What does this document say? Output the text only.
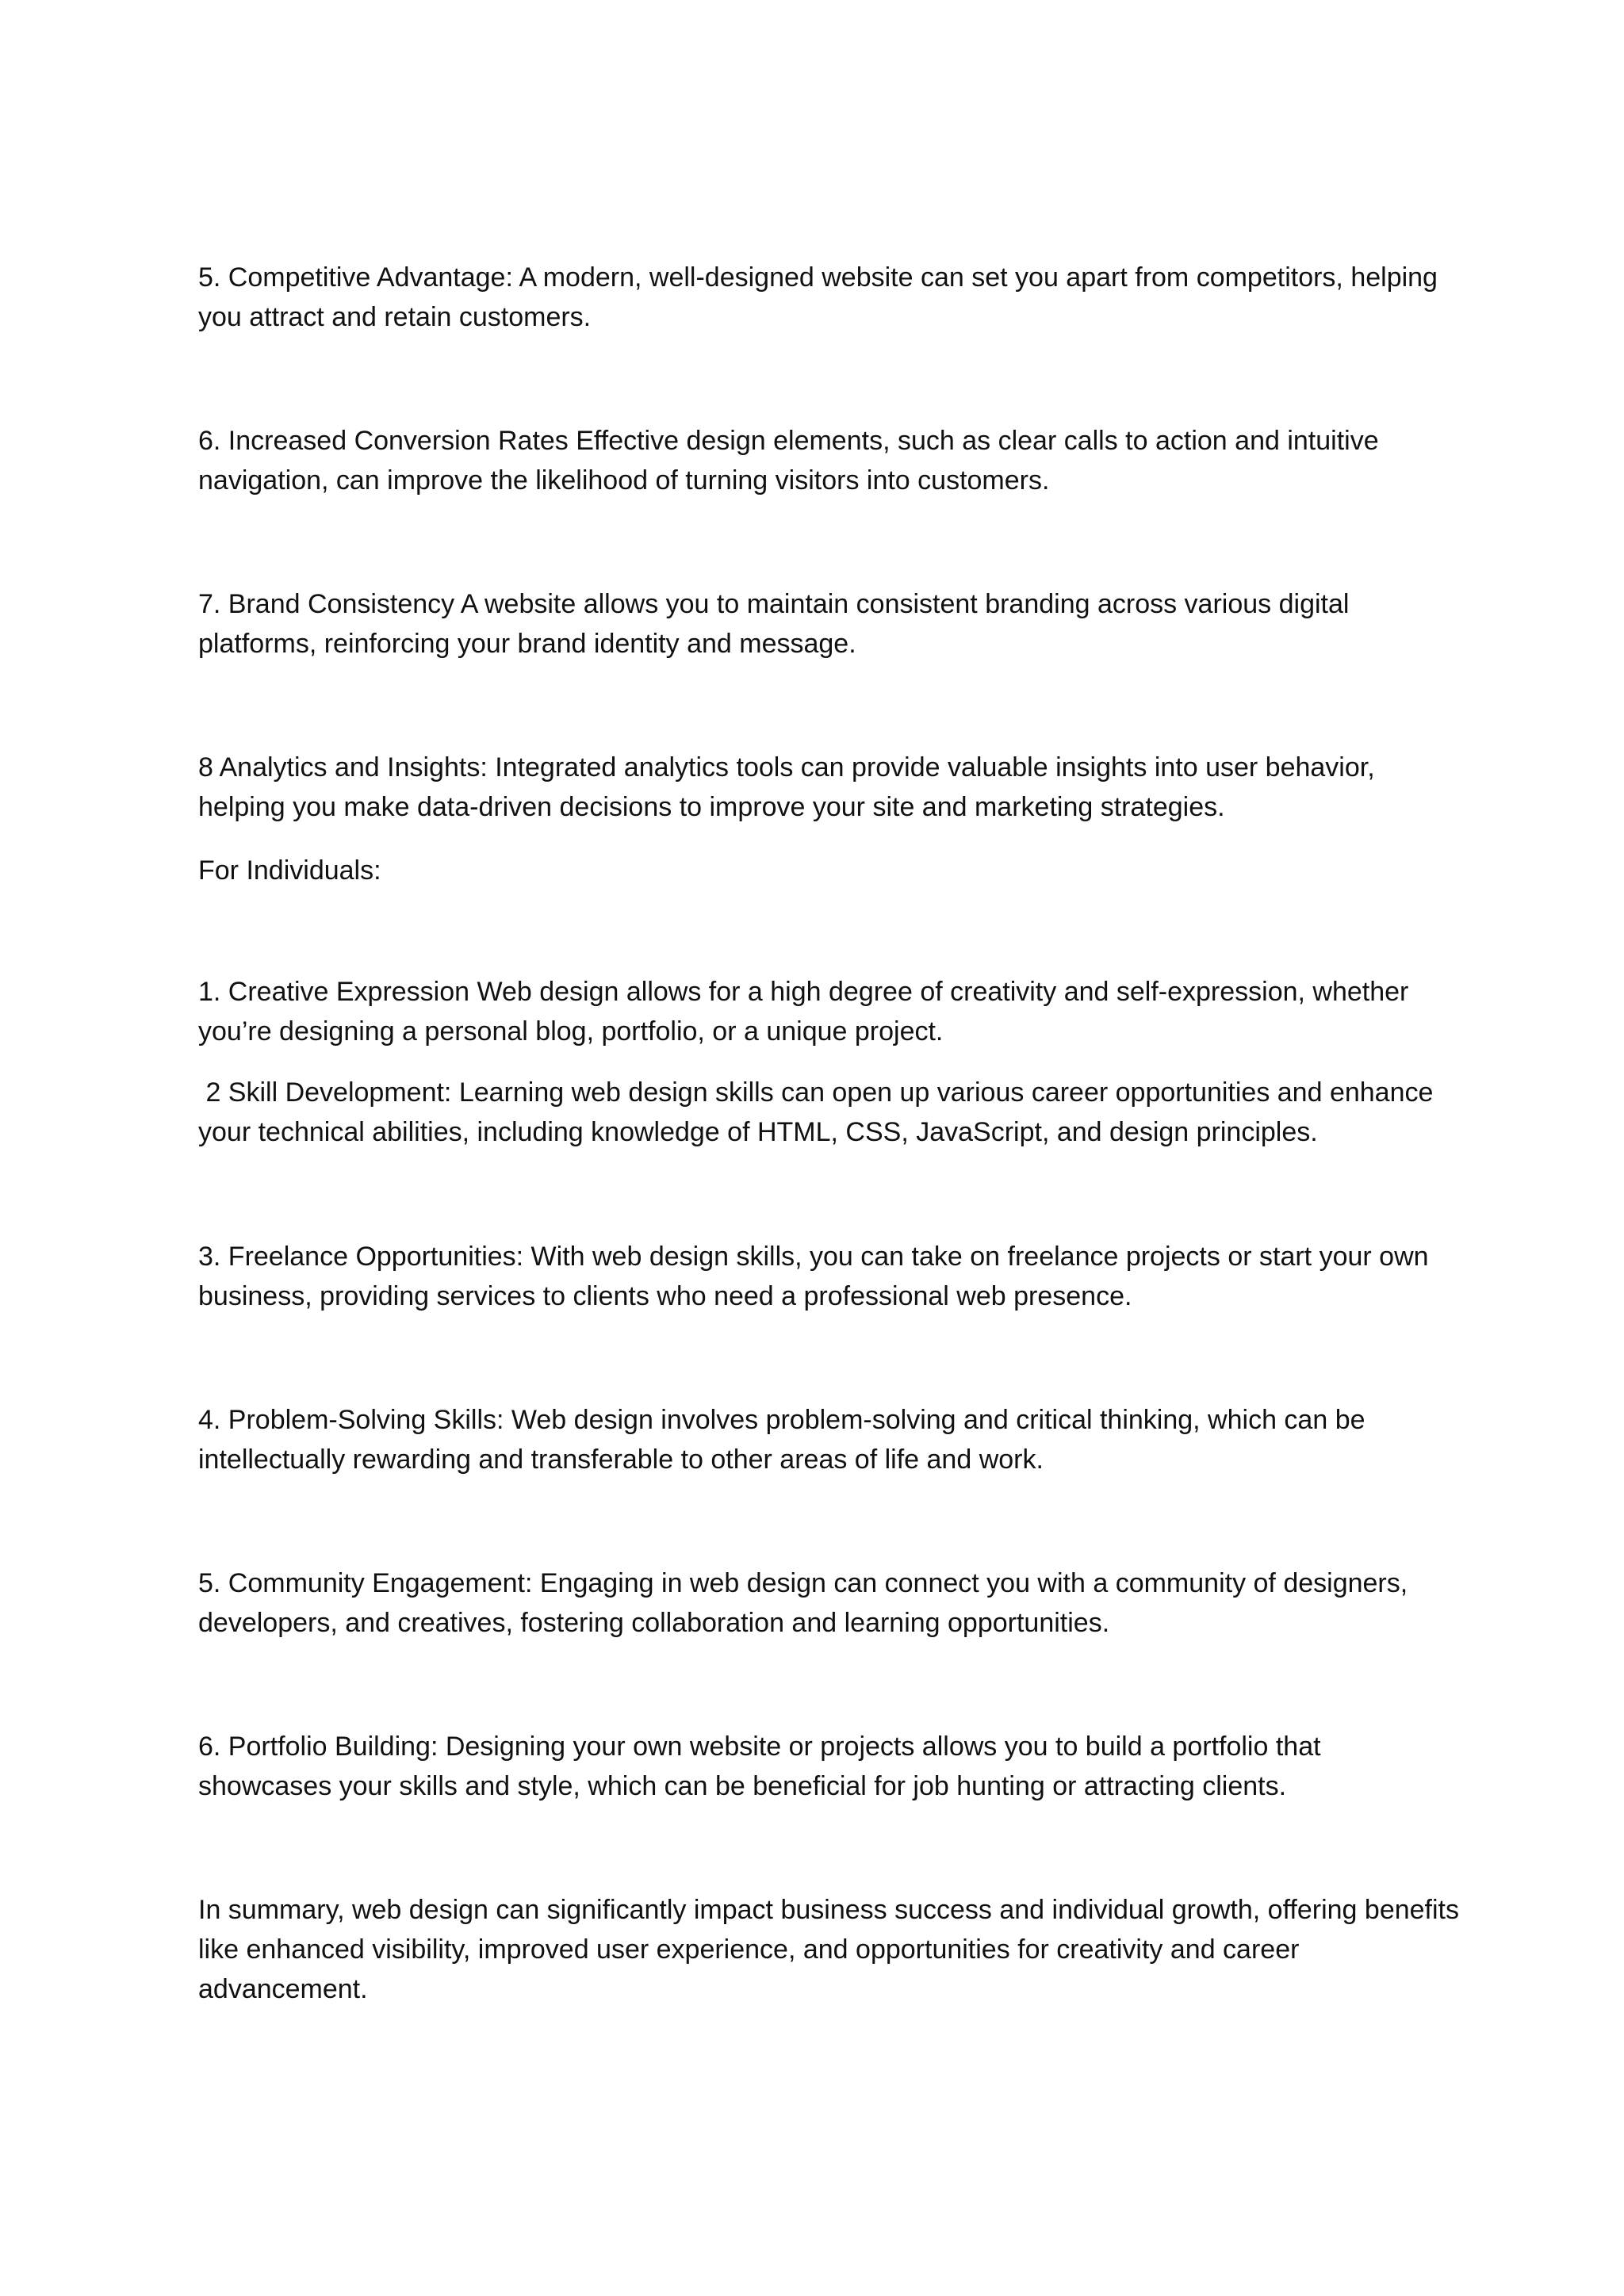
5. Competitive Advantage: A modern, well-designed website can set you apart from competitors, helping you attract and retain customers.

6. Increased Conversion Rates Effective design elements, such as clear calls to action and intuitive navigation, can improve the likelihood of turning visitors into customers.

7. Brand Consistency A website allows you to maintain consistent branding across various digital platforms, reinforcing your brand identity and message.

8 Analytics and Insights: Integrated analytics tools can provide valuable insights into user behavior, helping you make data-driven decisions to improve your site and marketing strategies.

For Individuals:

1. Creative Expression Web design allows for a high degree of creativity and self-expression, whether you’re designing a personal blog, portfolio, or a unique project.

2 Skill Development: Learning web design skills can open up various career opportunities and enhance your technical abilities, including knowledge of HTML, CSS, JavaScript, and design principles.

3. Freelance Opportunities: With web design skills, you can take on freelance projects or start your own business, providing services to clients who need a professional web presence.

4. Problem-Solving Skills: Web design involves problem-solving and critical thinking, which can be intellectually rewarding and transferable to other areas of life and work.

5. Community Engagement: Engaging in web design can connect you with a community of designers, developers, and creatives, fostering collaboration and learning opportunities.

6. Portfolio Building: Designing your own website or projects allows you to build a portfolio that showcases your skills and style, which can be beneficial for job hunting or attracting clients.

In summary, web design can significantly impact business success and individual growth, offering benefits like enhanced visibility, improved user experience, and opportunities for creativity and career advancement.
